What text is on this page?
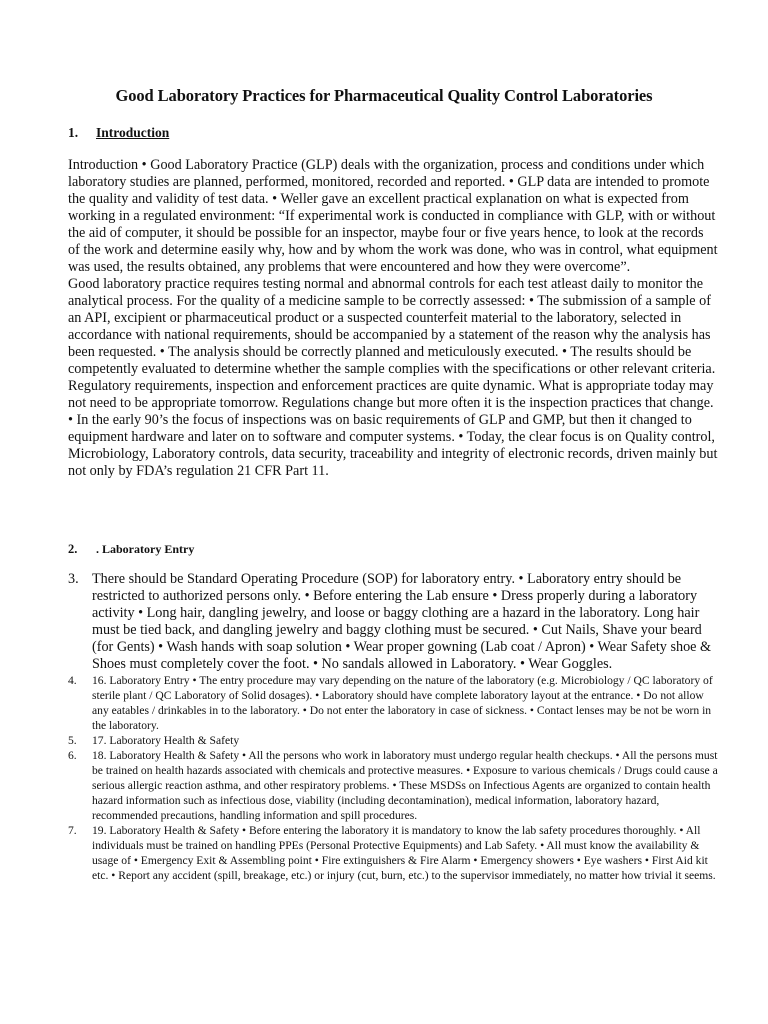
Good Laboratory Practices for Pharmaceutical Quality Control Laboratories
1. Introduction

Introduction • Good Laboratory Practice (GLP) deals with the organization, process and conditions under which laboratory studies are planned, performed, monitored, recorded and reported. • GLP data are intended to promote the quality and validity of test data. • Weller gave an excellent practical explanation on what is expected from working in a regulated environment: “If experimental work is conducted in compliance with GLP, with or without the aid of computer, it should be possible for an inspector, maybe four or five years hence, to look at the records of the work and determine easily why, how and by whom the work was done, who was in control, what equipment was used, the results obtained, any problems that were encountered and how they were overcome”.

Good laboratory practice requires testing normal and abnormal controls for each test atleast daily to monitor the analytical process. For the quality of a medicine sample to be correctly assessed: • The submission of a sample of an API, excipient or pharmaceutical product or a suspected counterfeit material to the laboratory, selected in accordance with national requirements, should be accompanied by a statement of the reason why the analysis has been requested. • The analysis should be correctly planned and meticulously executed. • The results should be competently evaluated to determine whether the sample complies with the specifications or other relevant criteria.

Regulatory requirements, inspection and enforcement practices are quite dynamic. What is appropriate today may not need to be appropriate tomorrow. Regulations change but more often it is the inspection practices that change. • In the early 90’s the focus of inspections was on basic requirements of GLP and GMP, but then it changed to equipment hardware and later on to software and computer systems. • Today, the clear focus is on Quality control, Microbiology, Laboratory controls, data security, traceability and integrity of electronic records, driven mainly but not only by FDA’s regulation 21 CFR Part 11.

2. . Laboratory Entry
3. There should be Standard Operating Procedure (SOP) for laboratory entry. • Laboratory entry should be restricted to authorized persons only. • Before entering the Lab ensure • Dress properly during a laboratory activity • Long hair, dangling jewelry, and loose or baggy clothing are a hazard in the laboratory. Long hair must be tied back, and dangling jewelry and baggy clothing must be secured. • Cut Nails, Shave your beard (for Gents) • Wash hands with soap solution • Wear proper gowning (Lab coat / Apron) • Wear Safety shoe & Shoes must completely cover the foot. • No sandals allowed in Laboratory. • Wear Goggles.
4. 16. Laboratory Entry • The entry procedure may vary depending on the nature of the laboratory (e.g. Microbiology / QC laboratory of sterile plant / QC Laboratory of Solid dosages). • Laboratory should have complete laboratory layout at the entrance. • Do not allow any eatables / drinkables in to the laboratory. • Do not enter the laboratory in case of sickness. • Contact lenses may be not be worn in the laboratory.
5. 17. Laboratory Health & Safety
6. 18. Laboratory Health & Safety • All the persons who work in laboratory must undergo regular health checkups. • All the persons must be trained on health hazards associated with chemicals and protective measures. • Exposure to various chemicals / Drugs could cause a serious allergic reaction asthma, and other respiratory problems. • These MSDSs on Infectious Agents are organized to contain health hazard information such as infectious dose, viability (including decontamination), medical information, laboratory hazard, recommended precautions, handling information and spill procedures.
7. 19. Laboratory Health & Safety • Before entering the laboratory it is mandatory to know the lab safety procedures thoroughly. • All individuals must be trained on handling PPEs (Personal Protective Equipments) and Lab Safety. • All must know the availability & usage of • Emergency Exit & Assembling point • Fire extinguishers & Fire Alarm • Emergency showers • Eye washers • First Aid kit etc. • Report any accident (spill, breakage, etc.) or injury (cut, burn, etc.) to the supervisor immediately, no matter how trivial it seems.
